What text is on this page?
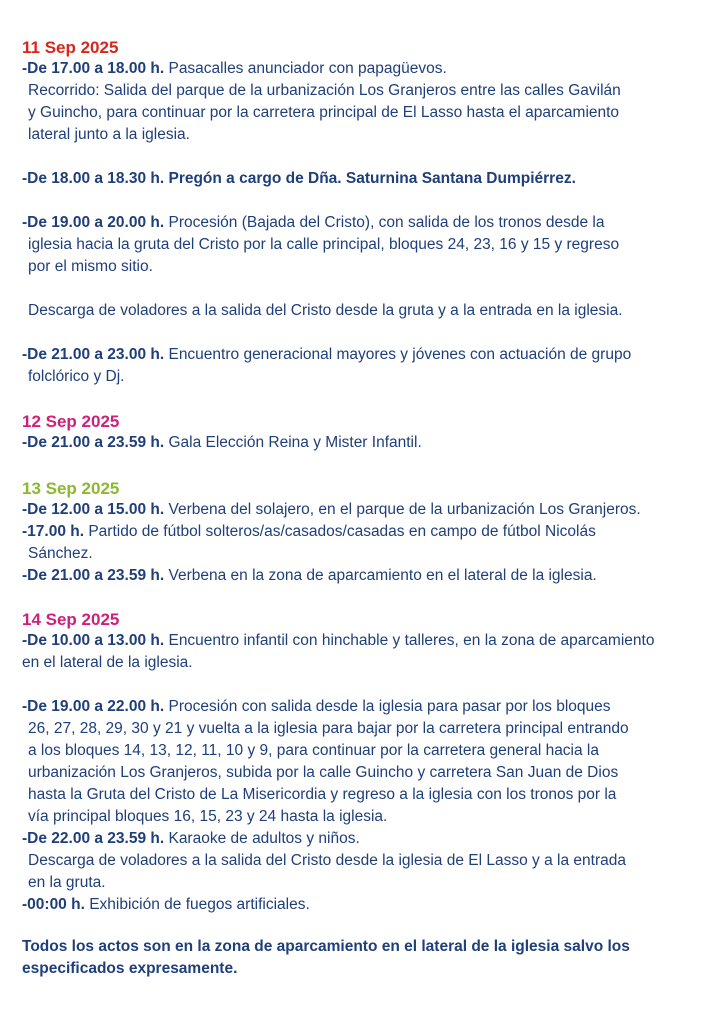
11 Sep 2025
-De 17.00 a 18.00 h. Pasacalles anunciador con papagüevos.
Recorrido: Salida del parque de la urbanización Los Granjeros entre las calles Gavilán
y Guincho, para continuar por la carretera principal de El Lasso hasta el aparcamiento
lateral junto a la iglesia.
-De 18.00 a 18.30 h. Pregón a cargo de Dña. Saturnina Santana Dumpiérrez.
-De 19.00 a 20.00 h. Procesión (Bajada del Cristo), con salida de los tronos desde la
iglesia hacia la gruta del Cristo por la calle principal, bloques 24, 23, 16 y 15 y regreso
por el mismo sitio.
Descarga de voladores a la salida del Cristo desde la gruta y a la entrada en la iglesia.
-De 21.00 a 23.00 h. Encuentro generacional mayores y jóvenes con actuación de grupo
folclórico y Dj.
12 Sep 2025
-De 21.00 a 23.59 h. Gala Elección Reina y Mister Infantil.
13 Sep 2025
-De 12.00 a 15.00 h. Verbena del solajero, en el parque de la urbanización Los Granjeros.
-17.00 h. Partido de fútbol solteros/as/casados/casadas en campo de fútbol Nicolás
Sánchez.
-De 21.00 a 23.59 h. Verbena en la zona de aparcamiento en el lateral de la iglesia.
14 Sep 2025
-De 10.00 a 13.00 h. Encuentro infantil con hinchable y talleres, en la zona de aparcamiento
en el lateral de la iglesia.
-De 19.00 a 22.00 h. Procesión con salida desde la iglesia para pasar por los bloques
26, 27, 28, 29, 30 y 21 y vuelta a la iglesia para bajar por la carretera principal entrando
a los bloques 14, 13, 12, 11, 10 y 9, para continuar por la carretera general hacia la
urbanización Los Granjeros, subida por la calle Guincho y carretera San Juan de Dios
hasta la Gruta del Cristo de La Misericordia y regreso a la iglesia con los tronos por la
vía principal bloques 16, 15, 23 y 24 hasta la iglesia.
-De 22.00 a 23.59 h. Karaoke de adultos y niños.
Descarga de voladores a la salida del Cristo desde la iglesia de El Lasso y a la entrada
en la gruta.
-00:00 h. Exhibición de fuegos artificiales.
Todos los actos son en la zona de aparcamiento en el lateral de la iglesia salvo los
especificados expresamente.
